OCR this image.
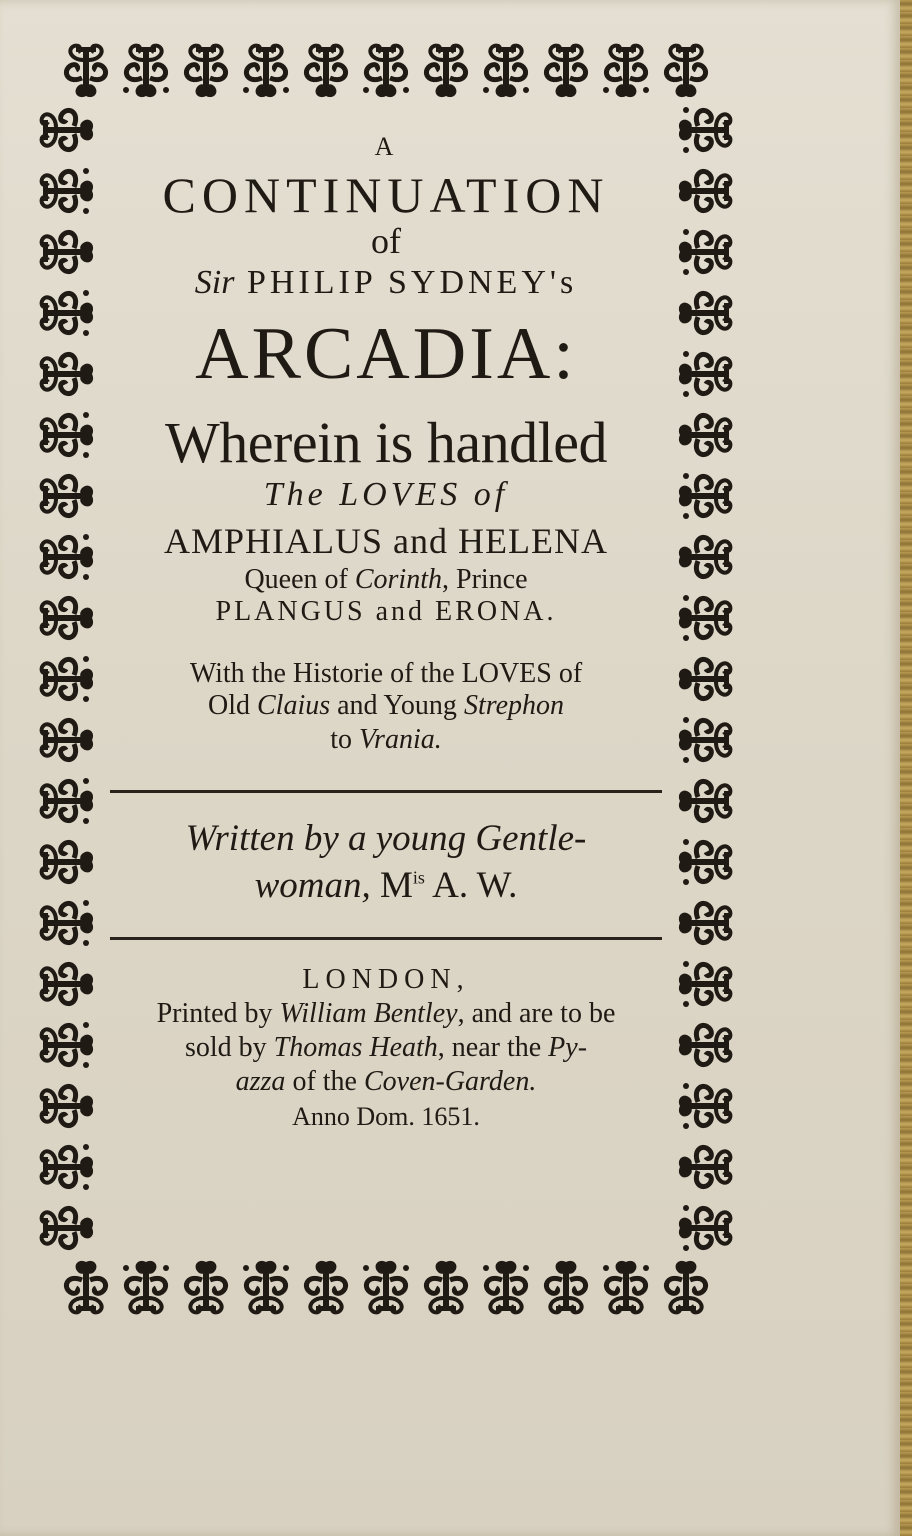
A
CONTINUATION
of
Sir PHILIP SYDNEY's
ARCADIA:
Wherein is handled
The LOVES of
AMPHIALUS and HELENA
Queen of Corinth, Prince
PLANGUS and ERONA.
With the Historie of the LOVES of
Old Claius and Young Strephon
to Vrania.
Written by a young Gentle-
woman, $M^{is}$ A. W.
LONDON,
Printed by William Bentley, and are to be
sold by Thomas Heath, near the Py-
azza of the Coven-Garden.
Anno Dom. 1651.
